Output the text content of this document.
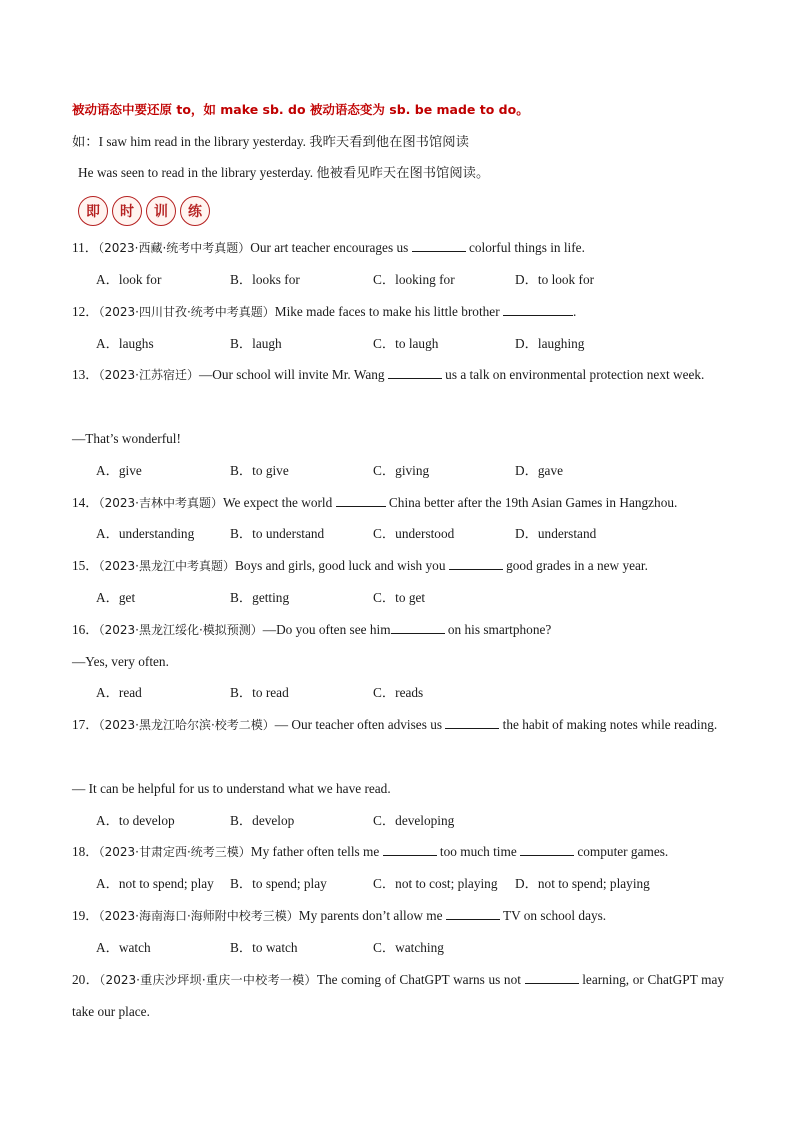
被动语态中要还原 to，如 make sb. do 被动语态变为 sb. be made to do。
如：I saw him read in the library yesterday. 我昨天看到他在图书馆阅读
He was seen to read in the library yesterday. 他被看见昨天在图书馆阅读。
即	时	训	练
11．（2023·西藏·统考中考真题）Our art teacher encourages us	colorful things in life.
A．look for	B．looks for	C．looking for	D．to look for
12．（2023·四川甘孜·统考中考真题）Mike made faces to make his little brother	.
A．laughs	B．laugh	C．to laugh	D．laughing
13．（2023·江苏宿迁）—Our school will invite Mr. Wang	us a talk on environmental protection next week.
—That’s wonderful!
A．give	B．to give	C．giving	D．gave
14．（2023·吉林中考真题）We expect the world	China better after the 19th Asian Games in Hangzhou.
A．understanding	B．to understand	C．understood	D．understand
15．（2023·黑龙江中考真题）Boys and girls, good luck and wish you	good grades in a new year.
A．get	B．getting	C．to get
16．（2023·黑龙江绥化·模拟预测）—Do you often see him	on his smartphone?
—Yes, very often.
A．read	B．to read	C．reads
17．（2023·黑龙江哈尔滨·校考二模）— Our teacher often advises us	the habit of making notes while reading.
— It can be helpful for us to understand what we have read.
A．to develop	B．develop	C．developing
18．（2023·甘肃定西·统考三模）My father often tells me	too much time	computer games.
A．not to spend; play B．to spend; play	C．not to cost; playing D．not to spend; playing
19．（2023·海南海口·海师附中校考三模）My parents don’t allow me	TV on school days.
A．watch	B．to watch	C．watching
20．（2023·重庆沙坪坝·重庆一中校考一模）The coming of ChatGPT warns us not	learning, or ChatGPT may take our place.
